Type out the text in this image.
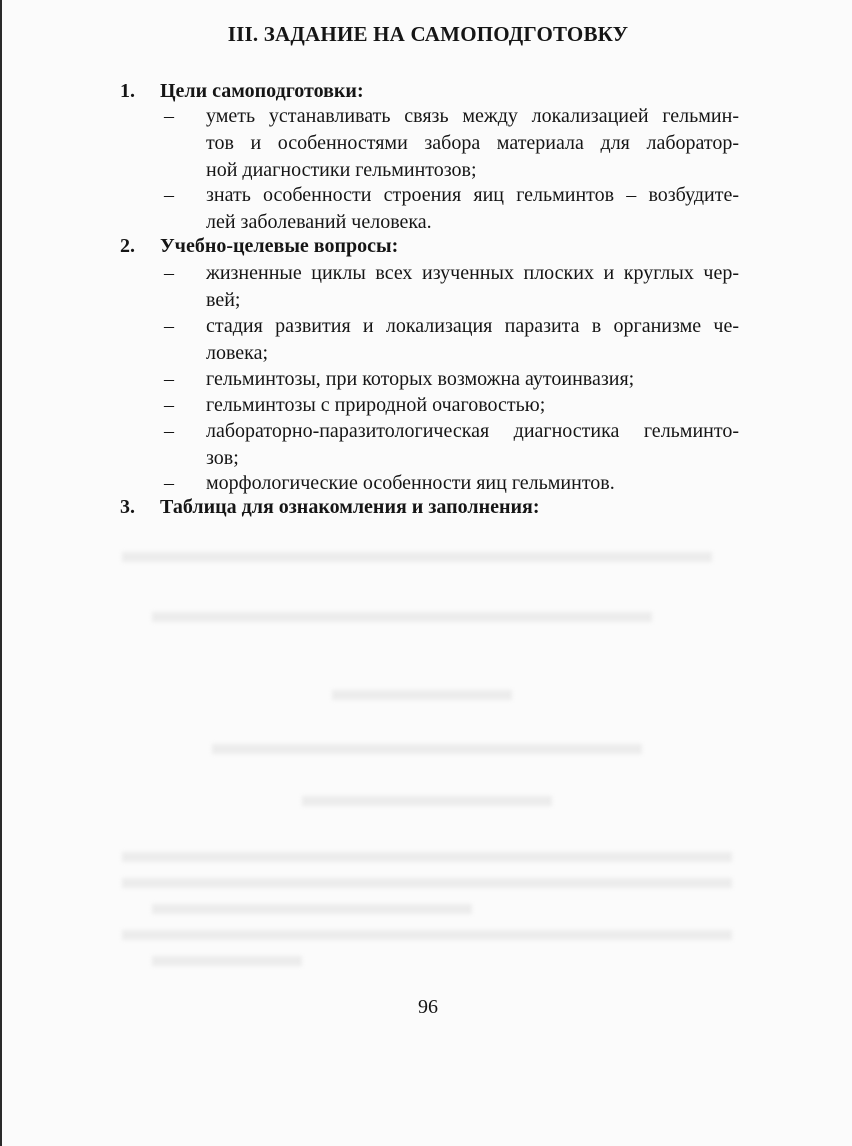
III. ЗАДАНИЕ НА САМОПОДГОТОВКУ
1. Цели самоподготовки:
– уметь устанавливать связь между локализацией гельмин-
тов и особенностями забора материала для лаборатор-
ной диагностики гельминтозов;
– знать особенности строения яиц гельминтов – возбудите-
лей заболеваний человека.
2. Учебно-целевые вопросы:
– жизненные циклы всех изученных плоских и круглых чер-
вей;
– стадия развития и локализация паразита в организме че-
ловека;
– гельминтозы, при которых возможна аутоинвазия;
– гельминтозы с природной очаговостью;
– лабораторно-паразитологическая диагностика гельминто-
зов;
– морфологические особенности яиц гельминтов.
3. Таблица для ознакомления и заполнения:
96
